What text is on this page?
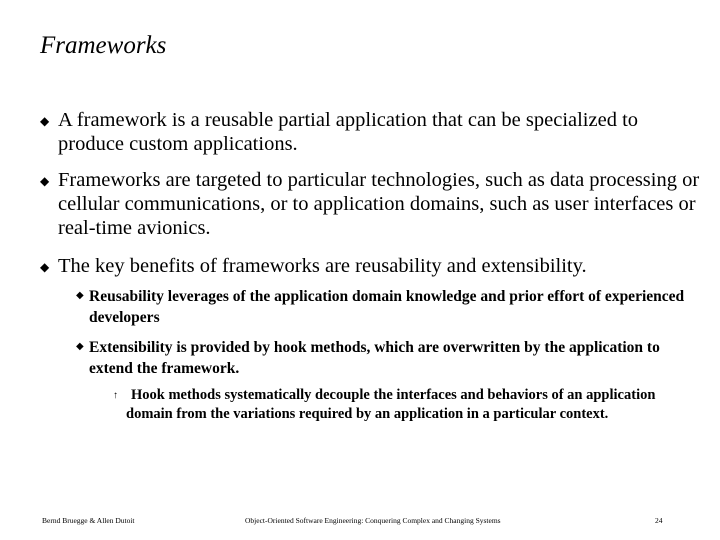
Frameworks
◆ A framework is a reusable partial application that can be specialized to produce custom applications.
◆ Frameworks are targeted to particular technologies, such as data processing or cellular communications, or to application domains, such as user interfaces or real-time avionics.
◆ The key benefits of frameworks are reusability and extensibility.
◆ Reusability leverages of the application domain knowledge and prior effort of experienced developers
◆ Extensibility is provided by hook methods, which are overwritten by the application to extend the framework.
↑ Hook methods systematically decouple the interfaces and behaviors of an application domain from the variations required by an application in a particular context.
Bernd Bruegge & Allen Dutoit	Object-Oriented Software Engineering: Conquering Complex and Changing Systems	24
